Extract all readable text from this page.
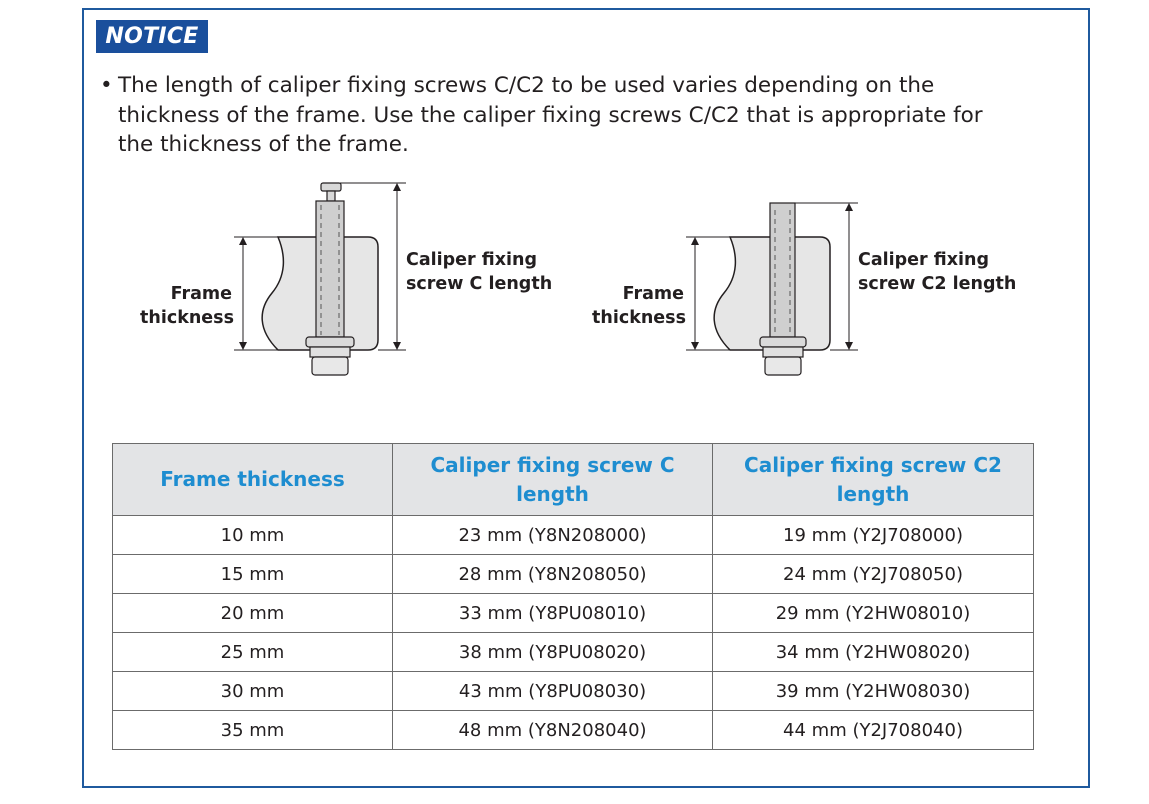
NOTICE
• The length of caliper fixing screws C/C2 to be used varies depending on the
thickness of the frame. Use the caliper fixing screws C/C2 that is appropriate for
the thickness of the frame.
Frame
thickness
Caliper fixing
screw C length	Frame
thickness
Caliper fixing
screw C2 length
Frame thickness	Caliper fixing screw C
length	Caliper fixing screw C2
length

10 mm	23 mm (Y8N208000)	19 mm (Y2J708000)
15 mm	28 mm (Y8N208050)	24 mm (Y2J708050)
20 mm	33 mm (Y8PU08010)	29 mm (Y2HW08010)
25 mm	38 mm (Y8PU08020)	34 mm (Y2HW08020)
30 mm	43 mm (Y8PU08030)	39 mm (Y2HW08030)
35 mm	48 mm (Y8N208040)	44 mm (Y2J708040)
